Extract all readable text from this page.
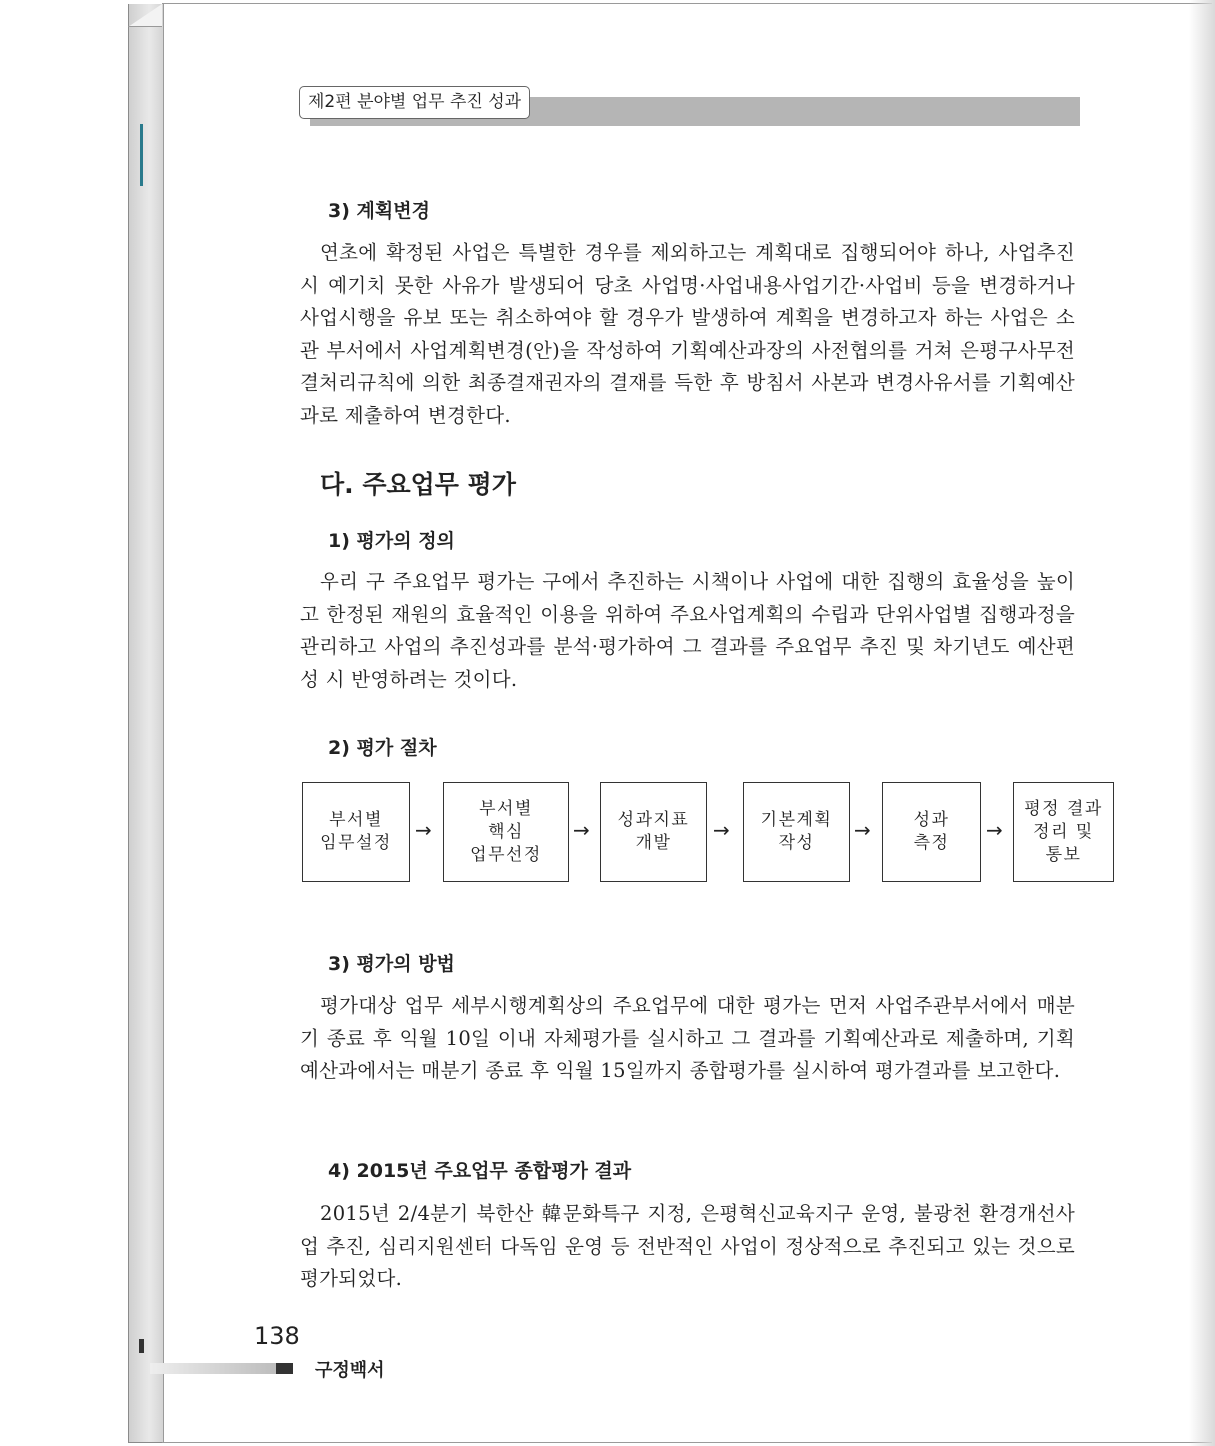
제2편 분야별 업무 추진 성과
3) 계획변경

연초에 확정된 사업은 특별한 경우를 제외하고는 계획대로 집행되어야 하나, 사업추진 시 예기치 못한 사유가 발생되어 당초 사업명·사업내용사업기간·사업비 등을 변경하거나 사업시행을 유보 또는 취소하여야 할 경우가 발생하여 계획을 변경하고자 하는 사업은 소관 부서에서 사업계획변경(안)을 작성하여 기획예산과장의 사전협의를 거쳐 은평구사무전결처리규칙에 의한 최종결재권자의 결재를 득한 후 방침서 사본과 변경사유서를 기획예산과로 제출하여 변경한다.

다. 주요업무 평가
1) 평가의 정의

우리 구 주요업무 평가는 구에서 추진하는 시책이나 사업에 대한 집행의 효율성을 높이고 한정된 재원의 효율적인 이용을 위하여 주요사업계획의 수립과 단위사업별 집행과정을 관리하고 사업의 추진성과를 분석·평가하여 그 결과를 주요업무 추진 및 차기년도 예산편성 시 반영하려는 것이다.

2) 평가 절차
부서별
임무설정
→
부서별
핵심
업무선정
→	성과지표
개발
→	기본계획
작성
→	성과
측정
→
평정 결과
정리 및
통보
3) 평가의 방법

평가대상 업무 세부시행계획상의 주요업무에 대한 평가는 먼저 사업주관부서에서 매분기 종료 후 익월 10일 이내 자체평가를 실시하고 그 결과를 기획예산과로 제출하며, 기획예산과에서는 매분기 종료 후 익월 15일까지 종합평가를 실시하여 평가결과를 보고한다.

4) 2015년 주요업무 종합평가 결과

2015년 2/4분기 북한산 韓문화특구 지정, 은평혁신교육지구 운영, 불광천 환경개선사업 추진, 심리지원센터 다독임 운영 등 전반적인 사업이 정상적으로 추진되고 있는 것으로 평가되었다.

138
구정백서
